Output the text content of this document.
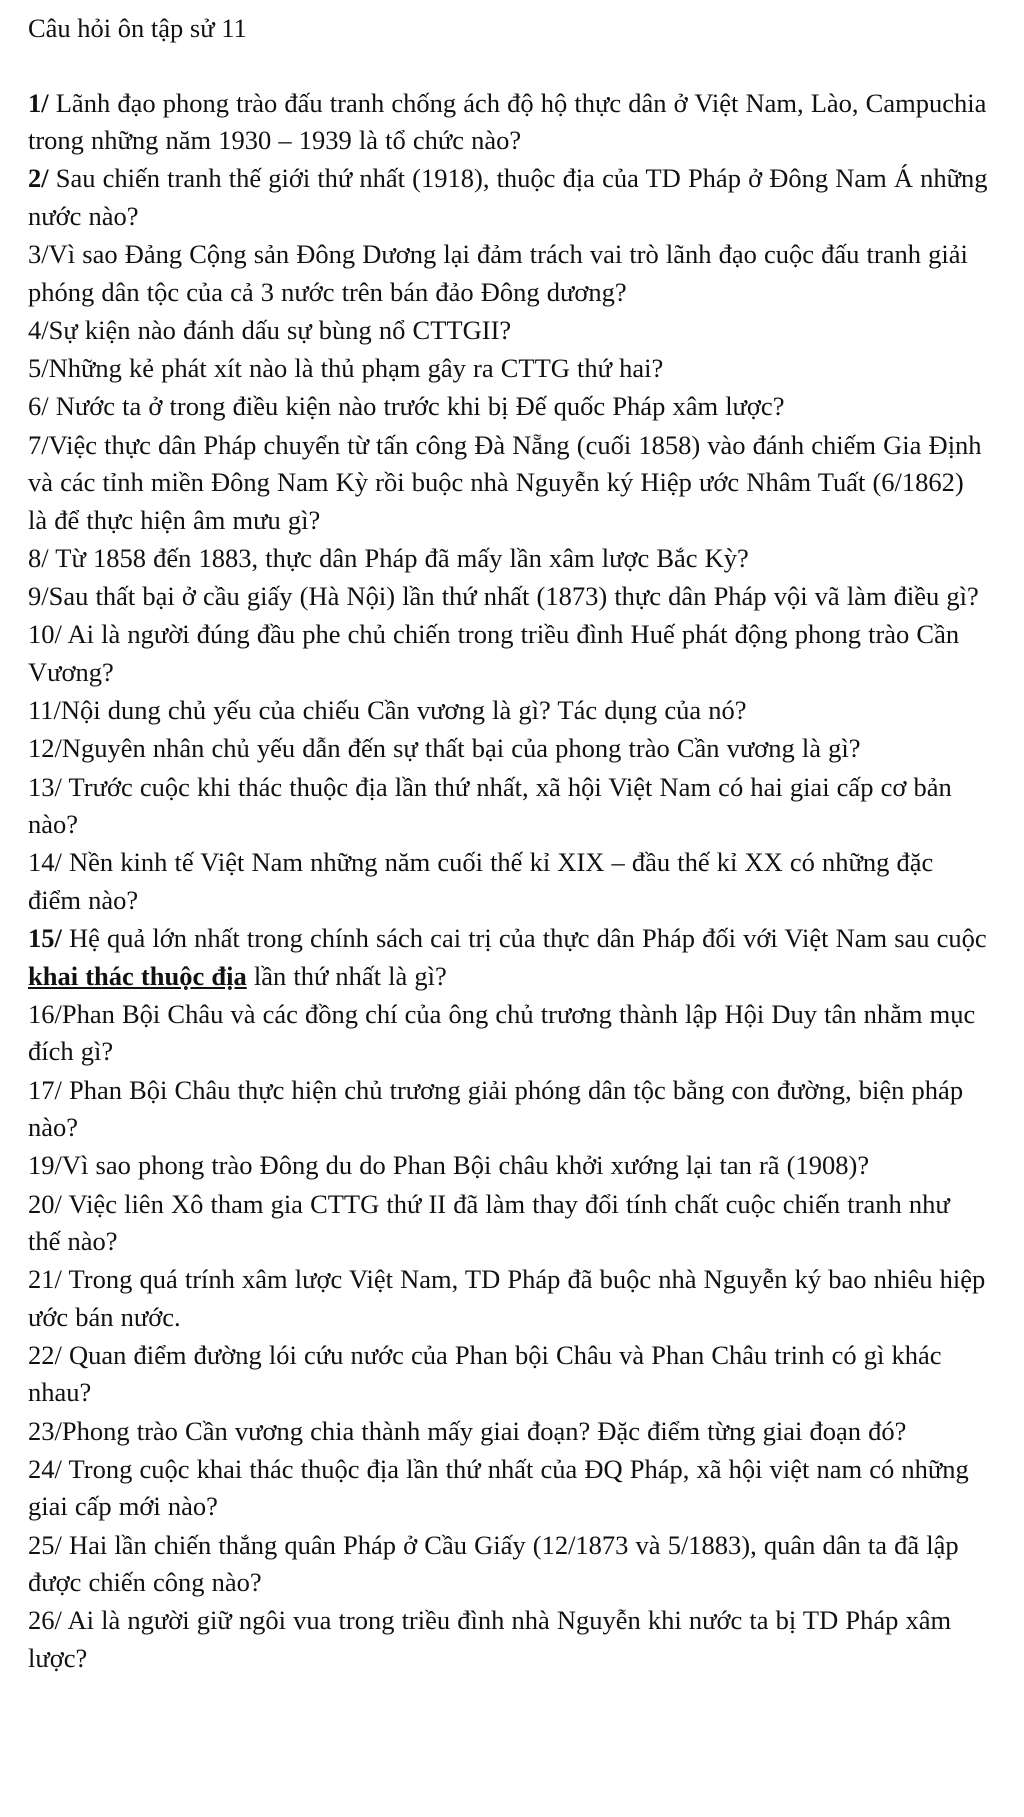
Câu hỏi ôn tập sử 11

1/ Lãnh đạo phong trào đấu tranh chống ách độ hộ thực dân ở Việt Nam, Lào, Campuchia trong những năm 1930 – 1939 là tổ chức nào?

2/ Sau chiến tranh thế giới thứ nhất (1918), thuộc địa của TD Pháp ở Đông Nam Á những nước nào?

3/Vì sao Đảng Cộng sản Đông Dương lại đảm trách vai trò lãnh đạo cuộc đấu tranh giải phóng dân tộc của cả 3 nước trên bán đảo Đông dương?

4/Sự kiện nào đánh dấu sự bùng nổ CTTGII?

5/Những kẻ phát xít nào là thủ phạm gây ra CTTG thứ hai?

6/ Nước ta ở trong điều kiện nào trước khi bị Đế quốc Pháp xâm lược?

7/Việc thực dân Pháp chuyển từ tấn công Đà Nẵng (cuối 1858) vào đánh chiếm Gia Định và các tỉnh miền Đông Nam Kỳ rồi buộc nhà Nguyễn ký Hiệp ước Nhâm Tuất (6/1862) là để thực hiện âm mưu gì?

8/ Từ 1858 đến 1883, thực dân Pháp đã mấy lần xâm lược Bắc Kỳ?

9/Sau thất bại ở cầu giấy (Hà Nội) lần thứ nhất (1873) thực dân Pháp vội vã làm điều gì?

10/ Ai là người đúng đầu phe chủ chiến trong triều đình Huế phát động phong trào Cần Vương?

11/Nội dung chủ yếu của chiếu Cần vương là gì? Tác dụng của nó?

12/Nguyên nhân chủ yếu dẫn đến sự thất bại của phong trào Cần vương là gì?

13/ Trước cuộc khi thác thuộc địa lần thứ nhất, xã hội Việt Nam có hai giai cấp cơ bản nào?

14/ Nền kinh tế Việt Nam những năm cuối thế kỉ XIX – đầu thế kỉ XX có những đặc điểm nào?

15/ Hệ quả lớn nhất trong chính sách cai trị của thực dân Pháp đối với Việt Nam sau cuộc khai thác thuộc địa lần thứ nhất là gì?

16/Phan Bội Châu và các đồng chí của ông chủ trương thành lập Hội Duy tân nhằm mục đích gì?

17/ Phan Bội Châu thực hiện chủ trương giải phóng dân tộc bằng con đường, biện pháp nào?

19/Vì sao phong trào Đông du do Phan Bội châu khởi xướng lại tan rã (1908)?

20/ Việc liên Xô tham gia CTTG thứ II đã làm thay đổi tính chất cuộc chiến tranh như thế nào?

21/ Trong quá trính xâm lược Việt Nam, TD Pháp đã buộc nhà Nguyễn ký bao nhiêu hiệp ước bán nước.

22/ Quan điểm đường lói cứu nước của Phan bội Châu và Phan Châu trinh có gì khác nhau?

23/Phong trào Cần vương chia thành mấy giai đoạn? Đặc điểm từng giai đoạn đó?

24/ Trong cuộc khai thác thuộc địa lần thứ nhất của ĐQ Pháp, xã hội việt nam có những giai cấp mới nào?

25/ Hai lần chiến thắng quân Pháp ở Cầu Giấy (12/1873 và 5/1883), quân dân ta đã lập được chiến công nào?

26/ Ai là người giữ ngôi vua trong triều đình nhà Nguyễn khi nước ta bị TD Pháp xâm lược?
